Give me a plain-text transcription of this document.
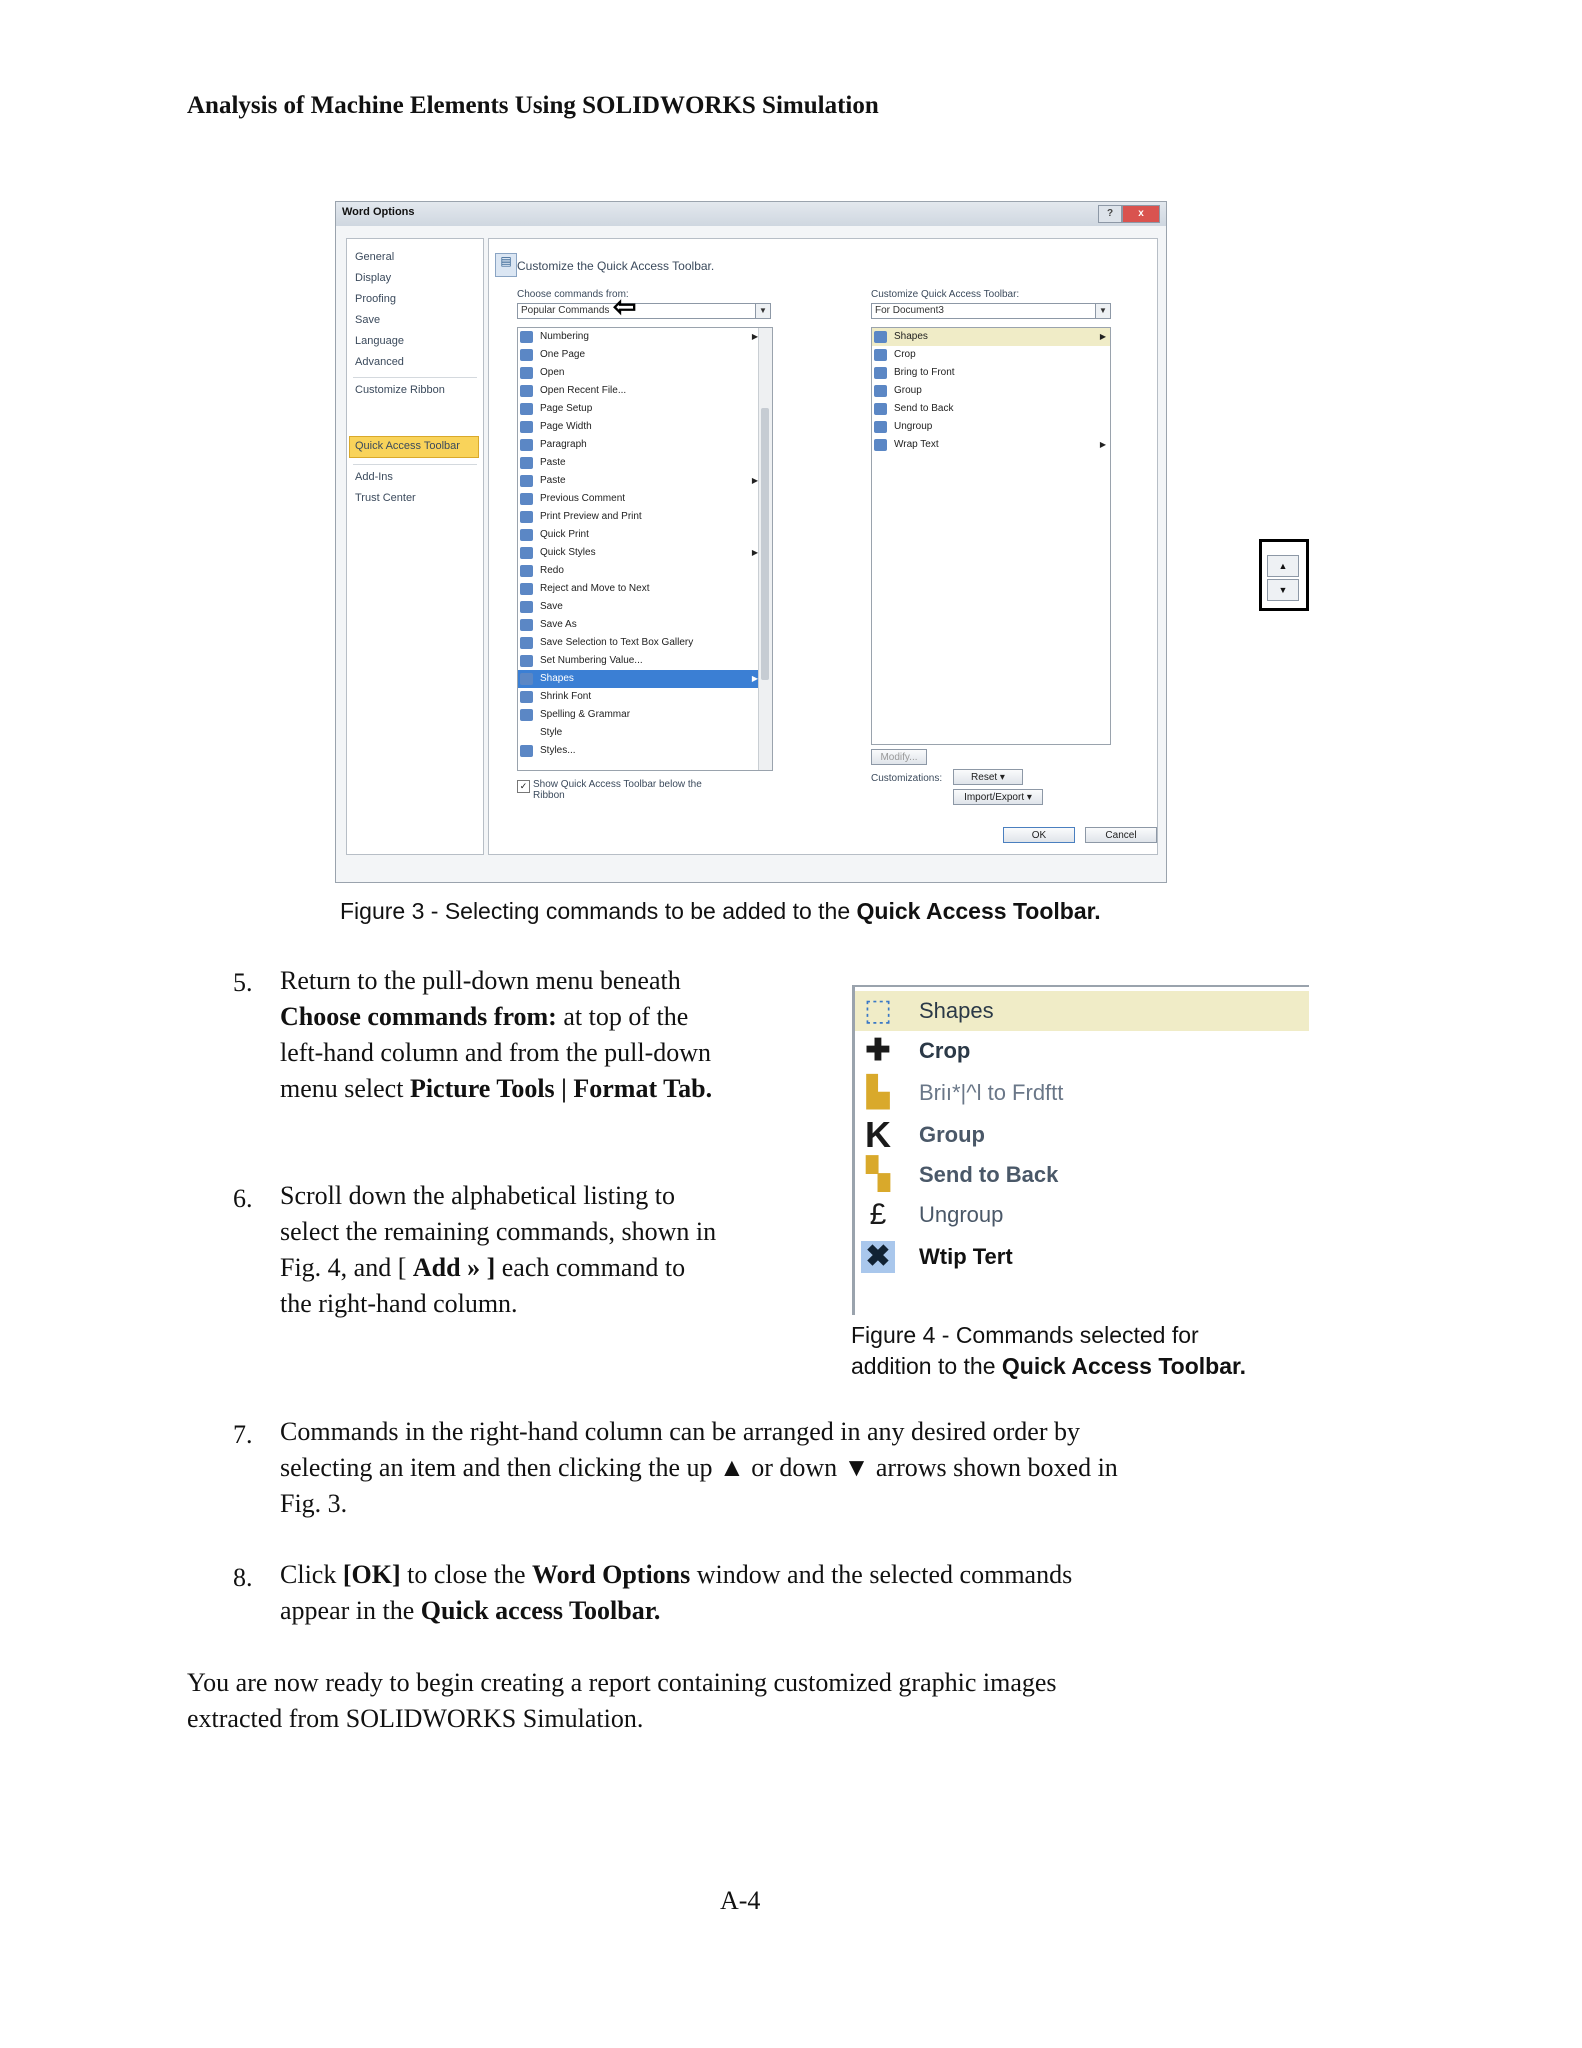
Analysis of Machine Elements Using SOLIDWORKS Simulation
Word Options	?	x
General
Display
Proofing
Save
Language
Advanced
Customize Ribbon
Quick Access Toolbar
Add-Ins
Trust Center
▤ Customize the Quick Access Toolbar.
Choose commands from:
Popular Commands	▼
⇦	Customize Quick Access Toolbar:
For Document3	▼
Numbering	▶
One Page
Open
Open Recent File...
Page Setup
Page Width
Paragraph
Paste
Paste	▶
Previous Comment
Print Preview and Print
Quick Print
Quick Styles	▶
Redo
Reject and Move to Next
Save
Save As
Save Selection to Text Box Gallery
Set Numbering Value...
Shapes	▶
Shrink Font
Spelling & Grammar
Style
Styles...
Shapes	▶
Crop
Bring to Front
Group
Send to Back
Ungroup
Wrap Text	▶
▲
▼
Modify...
Customizations:	Reset ▾
Import/Export ▾
✓ Show Quick Access Toolbar below the Ribbon
OK	Cancel
Figure 3 - Selecting commands to be added to the Quick Access Toolbar.
5. Return to the pull-down menu beneath
Choose commands from: at top of the
left-hand column and from the pull-down
menu select Picture Tools | Format Tab.
6. Scroll down the alphabetical listing to
select the remaining commands, shown in
Fig. 4, and [ Add » ] each command to
the right-hand column.
⬚ Shapes
✚ Crop
▙ Bri​​ı*|^l to Frdftt
K Group
▚ Send to Back
£	Ungroup
✖ Wtip Tert
Figure 4 - Commands selected for
addition to the Quick Access Toolbar.
7. Commands in the right-hand column can be arranged in any desired order by
selecting an item and then clicking the up ▲ or down ▼ arrows shown boxed in
Fig. 3.
8. Click [OK] to close the Word Options window and the selected commands
appear in the Quick access Toolbar.
You are now ready to begin creating a report containing customized graphic images
extracted from SOLIDWORKS Simulation.
A-4
